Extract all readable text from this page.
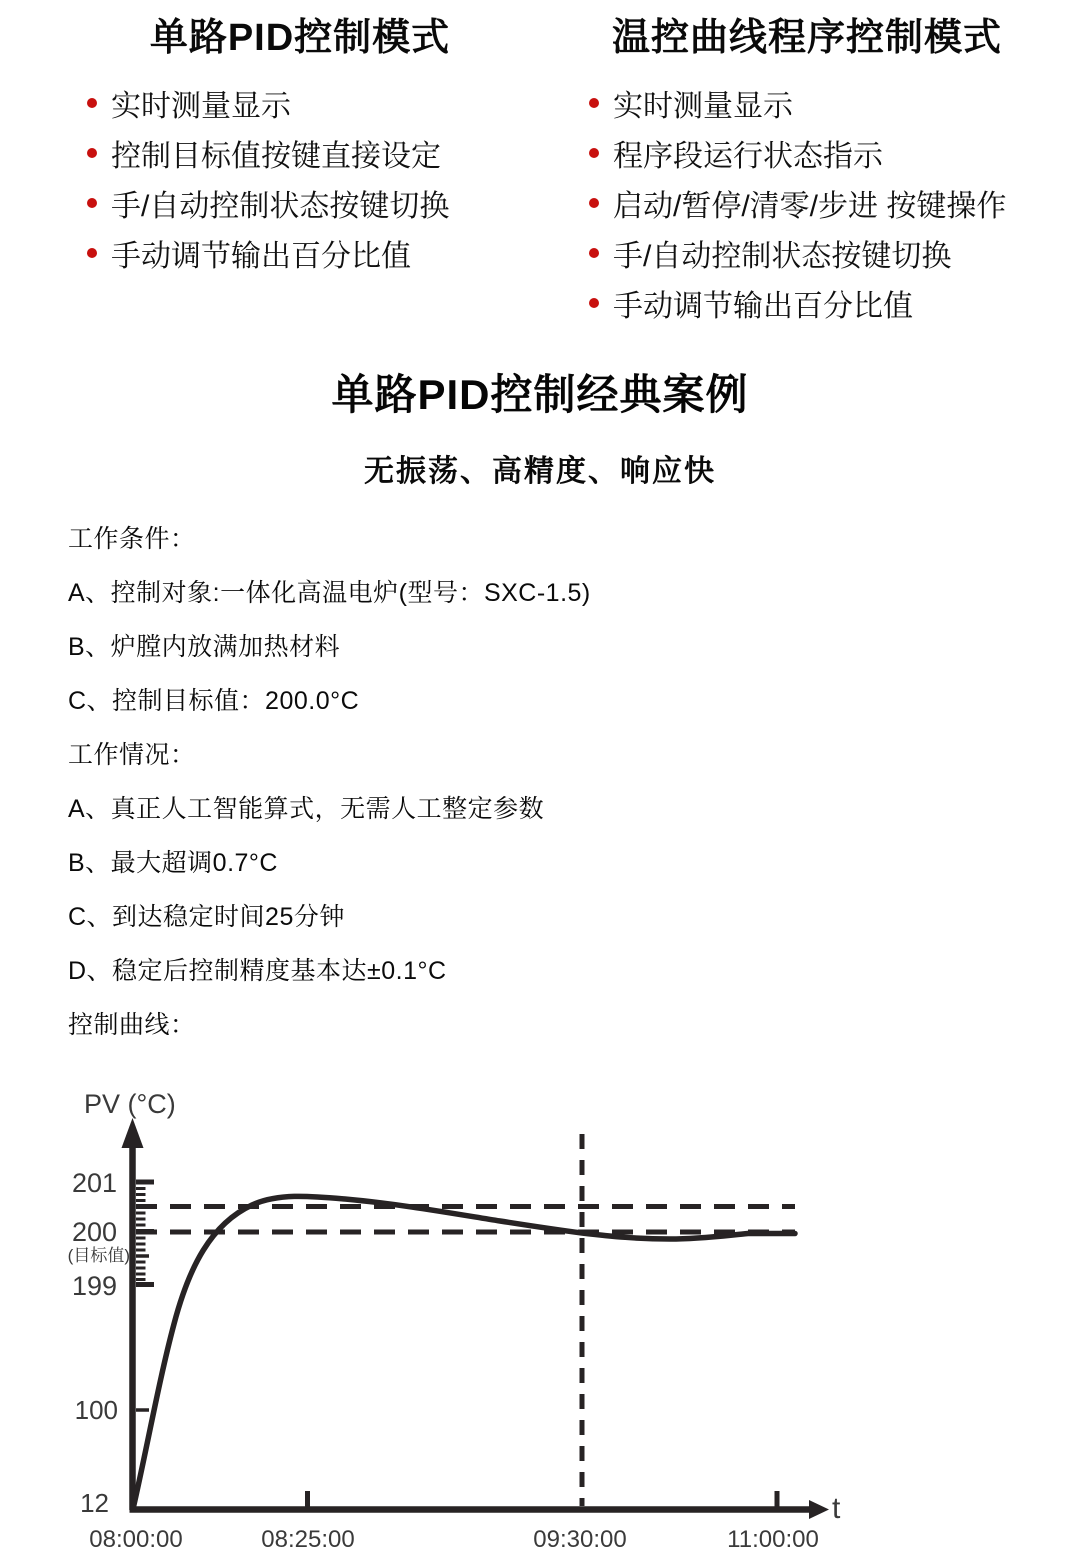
单路PID控制模式
实时测量显示
控制目标值按键直接设定
手/自动控制状态按键切换
手动调节输出百分比值
温控曲线程序控制模式
实时测量显示
程序段运行状态指示
启动/暂停/清零/步进 按键操作
手/自动控制状态按键切换
手动调节输出百分比值
单路PID控制经典案例
无振荡、高精度、响应快

工作条件：

A、控制对象:一体化高温电炉(型号：SXC-1.5)

B、炉膛内放满加热材料

C、控制目标值：200.0°C

工作情况：

A、真正人工智能算式，无需人工整定参数

B、最大超调0.7°C

C、到达稳定时间25分钟

D、稳定后控制精度基本达±0.1°C

控制曲线：

PV (°C)
201
200
(目标值)
199
100
12
08:00:00	08:25:00	09:30:00	11:00:00
t
